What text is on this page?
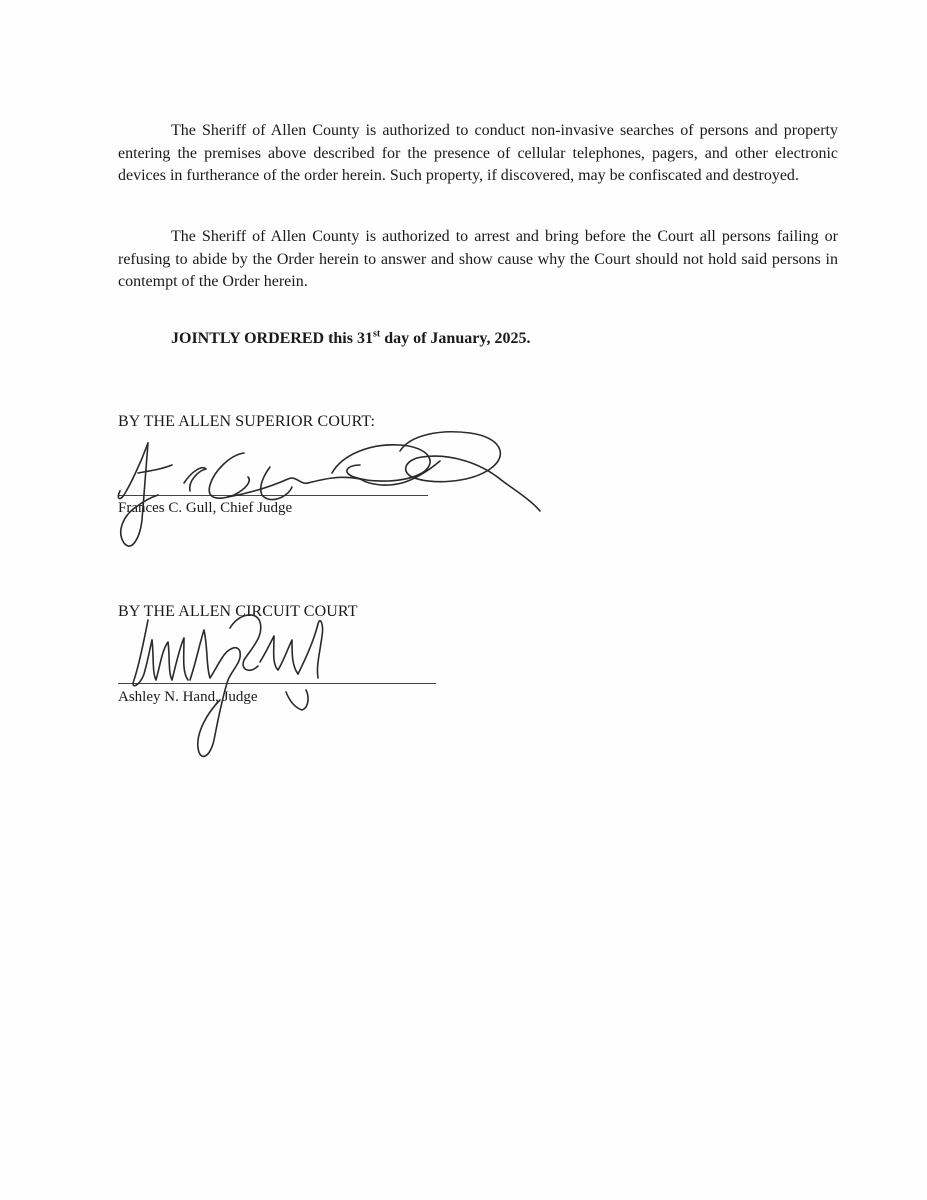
The Sheriff of Allen County is authorized to conduct non-invasive searches of persons and property entering the premises above described for the presence of cellular telephones, pagers, and other electronic devices in furtherance of the order herein. Such property, if discovered, may be confiscated and destroyed.

The Sheriff of Allen County is authorized to arrest and bring before the Court all persons failing or refusing to abide by the Order herein to answer and show cause why the Court should not hold said persons in contempt of the Order herein.

JOINTLY ORDERED this 31st day of January, 2025.

BY THE ALLEN SUPERIOR COURT:

Frances C. Gull, Chief Judge

BY THE ALLEN CIRCUIT COURT

Ashley N. Hand, Judge
